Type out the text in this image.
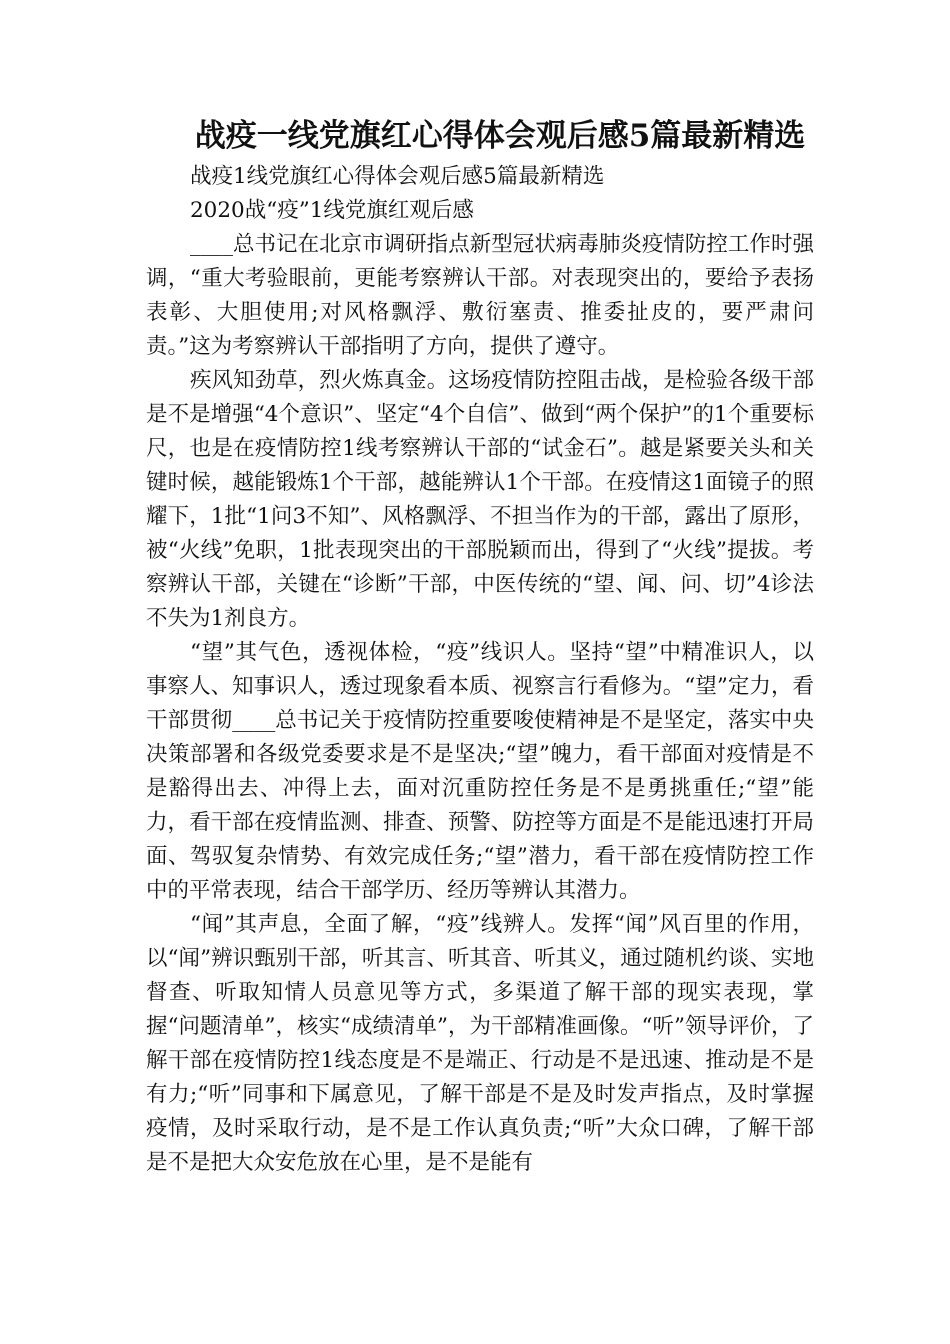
战疫一线党旗红心得体会观后感5篇最新精选

战疫1线党旗红心得体会观后感5篇最新精选

2020战“疫”1线党旗红观后感

____总书记在北京市调研指点新型冠状病毒肺炎疫情防控工作时强调，“重大考验眼前，更能考察辨认干部。对表现突出的，要给予表扬表彰、大胆使用;对风格飘浮、敷衍塞责、推委扯皮的，要严肃问责。”这为考察辨认干部指明了方向，提供了遵守。

疾风知劲草，烈火炼真金。这场疫情防控阻击战，是检验各级干部是不是增强“4个意识”、坚定“4个自信”、做到“两个保护”的1个重要标尺，也是在疫情防控1线考察辨认干部的“试金石”。越是紧要关头和关键时候，越能锻炼1个干部，越能辨认1个干部。在疫情这1面镜子的照耀下，1批“1问3不知”、风格飘浮、不担当作为的干部，露出了原形，被“火线”免职，1批表现突出的干部脱颖而出，得到了“火线”提拔。考察辨认干部，关键在“诊断”干部，中医传统的“望、闻、问、切”4诊法不失为1剂良方。

“望”其气色，透视体检，“疫”线识人。坚持“望”中精准识人，以事察人、知事识人，透过现象看本质、视察言行看修为。“望”定力，看干部贯彻____总书记关于疫情防控重要唆使精神是不是坚定，落实中央决策部署和各级党委要求是不是坚决;“望”魄力，看干部面对疫情是不是豁得出去、冲得上去，面对沉重防控任务是不是勇挑重任;“望”能力，看干部在疫情监测、排查、预警、防控等方面是不是能迅速打开局面、驾驭复杂情势、有效完成任务;“望”潜力，看干部在疫情防控工作中的平常表现，结合干部学历、经历等辨认其潜力。

“闻”其声息，全面了解，“疫”线辨人。发挥“闻”风百里的作用，以“闻”辨识甄别干部，听其言、听其音、听其义，通过随机约谈、实地督查、听取知情人员意见等方式，多渠道了解干部的现实表现，掌握“问题清单”，核实“成绩清单”，为干部精准画像。“听”领导评价，了解干部在疫情防控1线态度是不是端正、行动是不是迅速、推动是不是有力;“听”同事和下属意见，了解干部是不是及时发声指点，及时掌握疫情，及时采取行动，是不是工作认真负责;“听”大众口碑，了解干部是不是把大众安危放在心里，是不是能有
